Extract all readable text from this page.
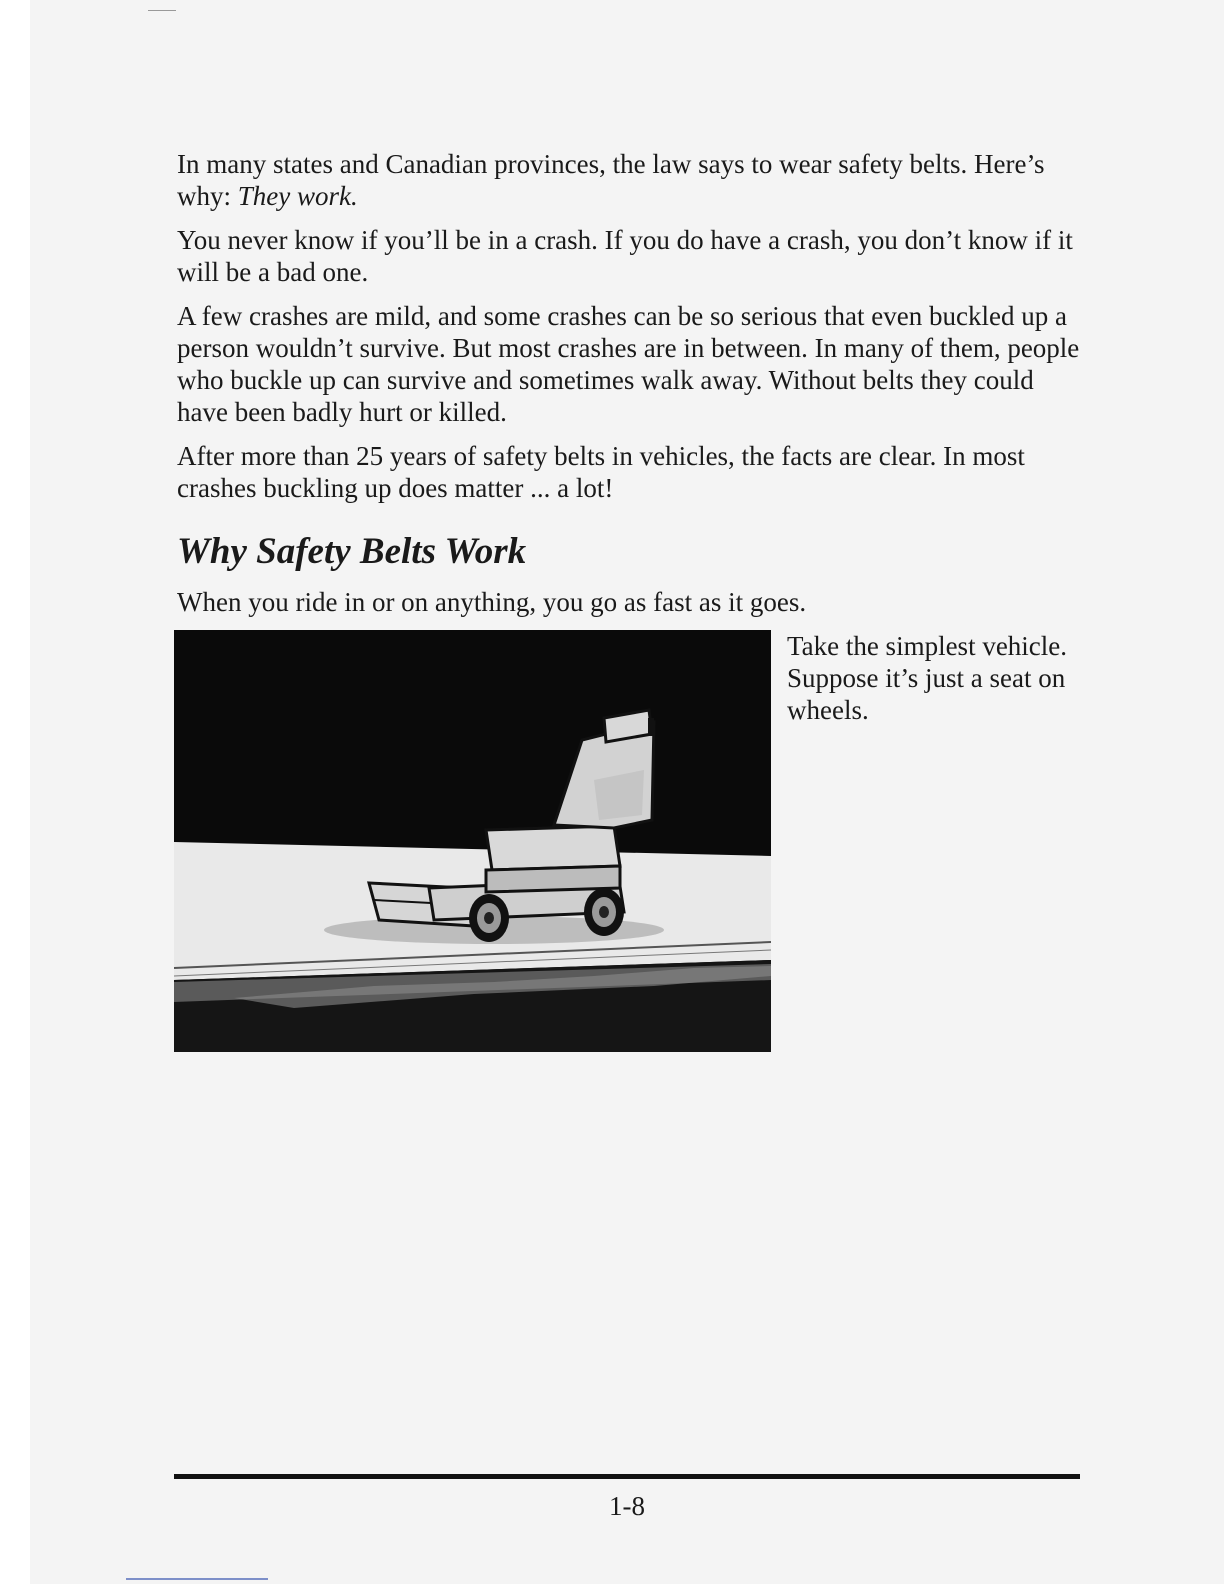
In many states and Canadian provinces, the law says to wear safety belts. Here’s why: They work.

You never know if you’ll be in a crash. If you do have a crash, you don’t know if it will be a bad one.

A few crashes are mild, and some crashes can be so serious that even buckled up a person wouldn’t survive. But most crashes are in between. In many of them, people who buckle up can survive and sometimes walk away. Without belts they could have been badly hurt or killed.

After more than 25 years of safety belts in vehicles, the facts are clear. In most crashes buckling up does matter ... a lot!

Why Safety Belts Work

When you ride in or on anything, you go as fast as it goes.

Take the simplest vehicle. Suppose it’s just a seat on wheels.
1-8
